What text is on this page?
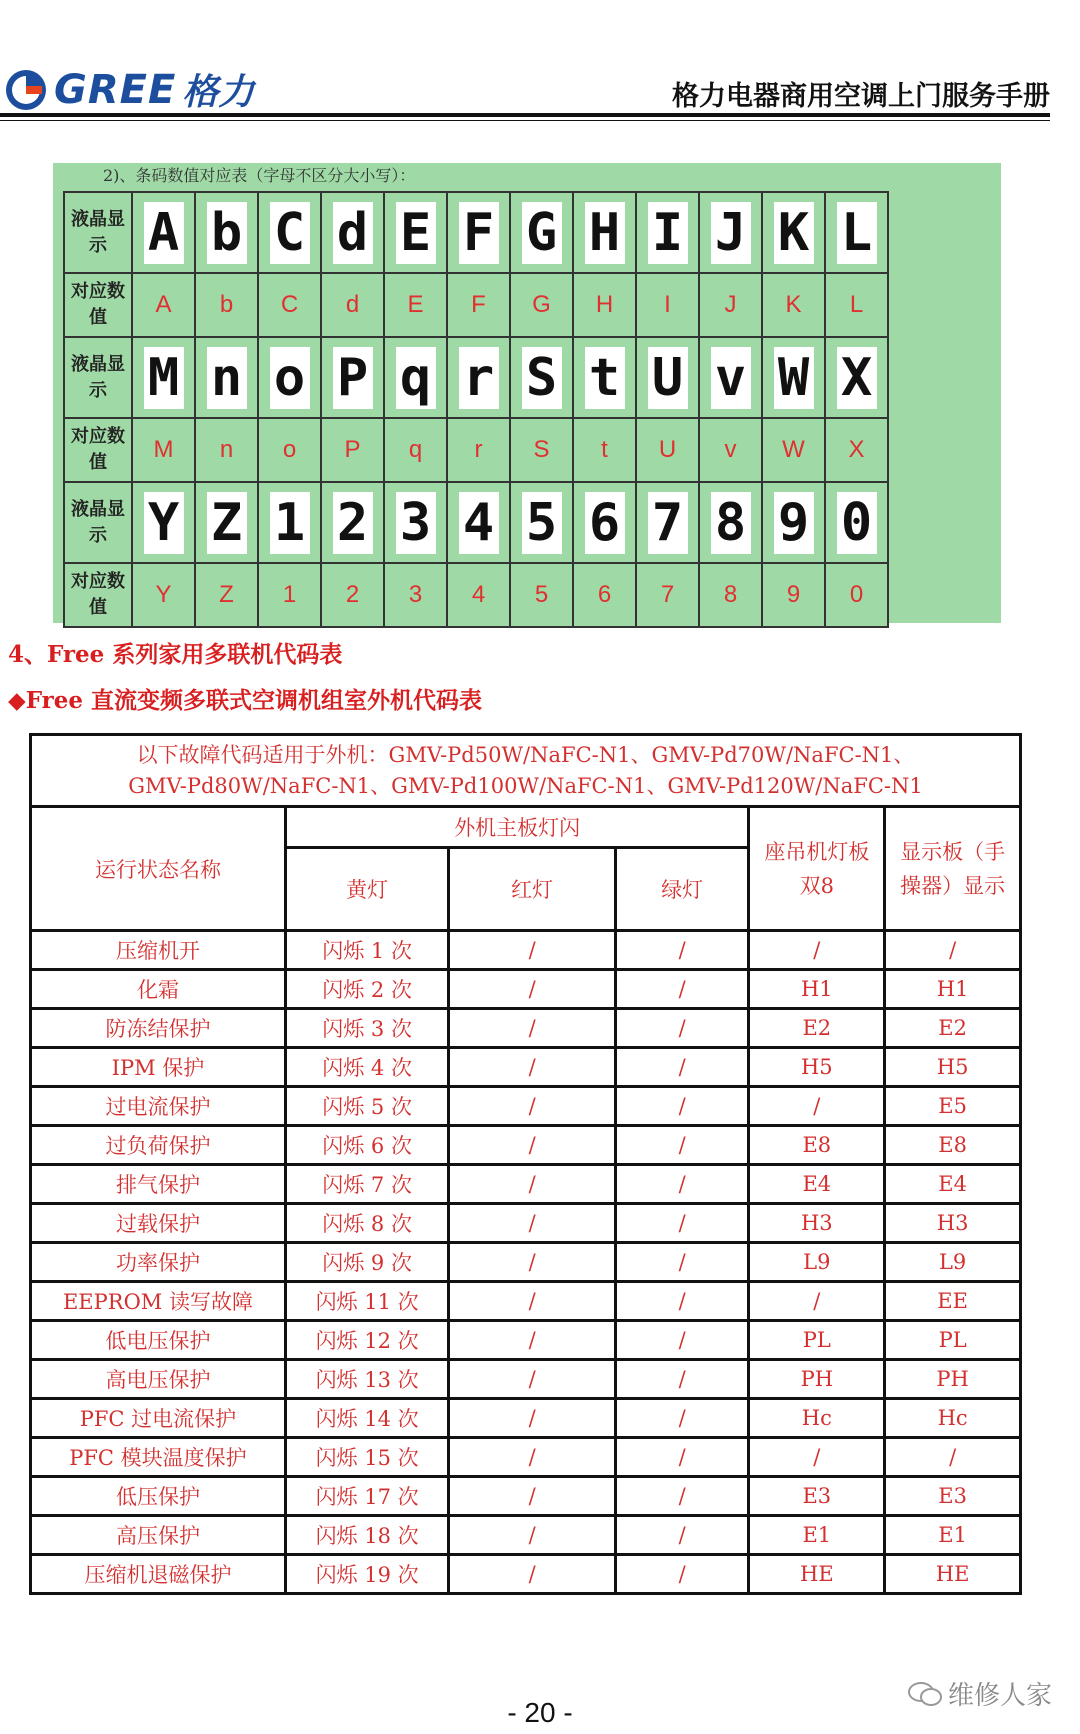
GREE 格力	格力电器商用空调上门服务手册
2)、条码数值对应表（字母不区分大小写）：
液晶显示	A	b	C	d	E	F	G	H	I	J	K	L
对应数值	A	b	C	d	E	F	G	H	I	J	K	L
液晶显示	M	n	o	P	q	r	S	t	U	v	W	X
对应数值	M	n	o	P	q	r	S	t	U	v	W	X
液晶显示	Y	Z	1	2	3	4	5	6	7	8	9	0
对应数值	Y	Z	1	2	3	4	5	6	7	8	9	0
4、Free 系列家用多联机代码表
◆Free 直流变频多联式空调机组室外机代码表
以下故障代码适用于外机：GMV-Pd50W/NaFC-N1、GMV-Pd70W/NaFC-N1、
GMV-Pd80W/NaFC-N1、GMV-Pd100W/NaFC-N1、GMV-Pd120W/NaFC-N1					

运行状态名称	外机主板灯闪			座吊机灯板双8	显示板（手操器）显示
	黄灯	红灯	绿灯		
压缩机开	闪烁 1 次	/	/	/	/
化霜	闪烁 2 次	/	/	H1	H1
防冻结保护	闪烁 3 次	/	/	E2	E2
IPM 保护	闪烁 4 次	/	/	H5	H5
过电流保护	闪烁 5 次	/	/	/	E5
过负荷保护	闪烁 6 次	/	/	E8	E8
排气保护	闪烁 7 次	/	/	E4	E4
过载保护	闪烁 8 次	/	/	H3	H3
功率保护	闪烁 9 次	/	/	L9	L9
EEPROM 读写故障	闪烁 11 次	/	/	/	EE
低电压保护	闪烁 12 次	/	/	PL	PL
高电压保护	闪烁 13 次	/	/	PH	PH
PFC 过电流保护	闪烁 14 次	/	/	Hc	Hc
PFC 模块温度保护	闪烁 15 次	/	/	/	/
低压保护	闪烁 17 次	/	/	E3	E3
高压保护	闪烁 18 次	/	/	E1	E1
压缩机退磁保护	闪烁 19 次	/	/	HE	HE
- 20 -
维修人家
